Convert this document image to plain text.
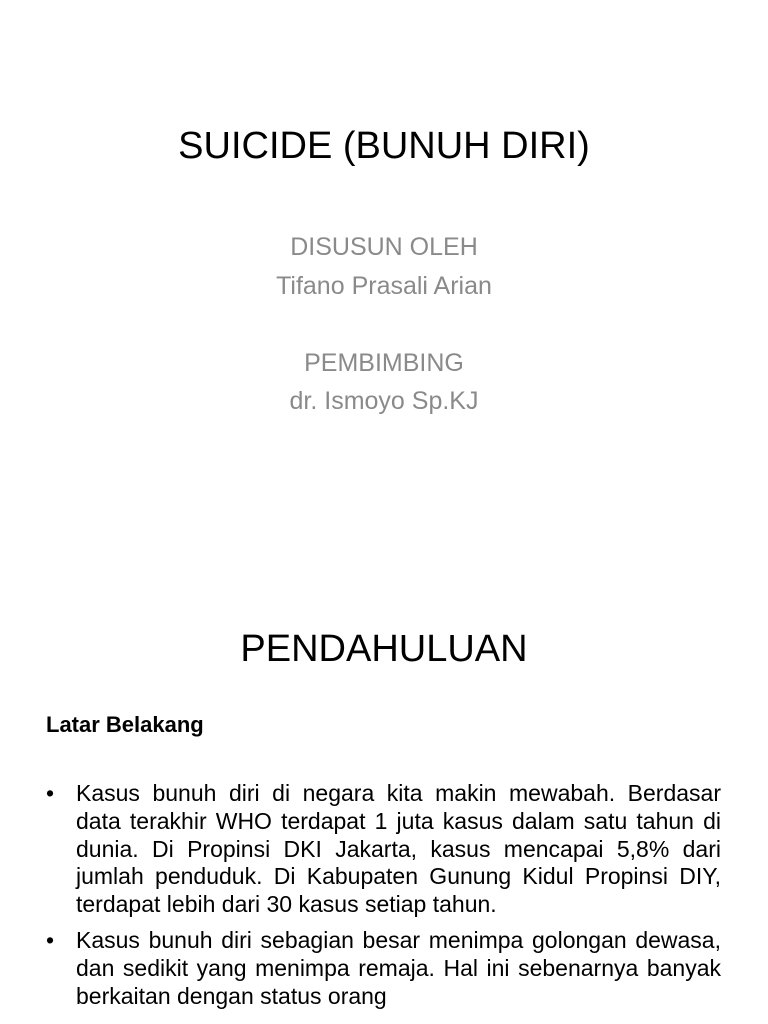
SUICIDE (BUNUH DIRI)
DISUSUN OLEH
Tifano Prasali Arian
PEMBIMBING
dr. Ismoyo Sp.KJ
PENDAHULUAN
Latar Belakang
• Kasus bunuh diri di negara kita makin mewabah. Berdasar data terakhir WHO terdapat 1 juta kasus dalam satu tahun di dunia. Di Propinsi DKI Jakarta, kasus mencapai 5,8% dari jumlah penduduk. Di Kabupaten Gunung Kidul Propinsi DIY, terdapat lebih dari 30 kasus setiap tahun.
• Kasus bunuh diri sebagian besar menimpa golongan dewasa, dan sedikit yang menimpa remaja. Hal ini sebenarnya banyak berkaitan dengan status orang
